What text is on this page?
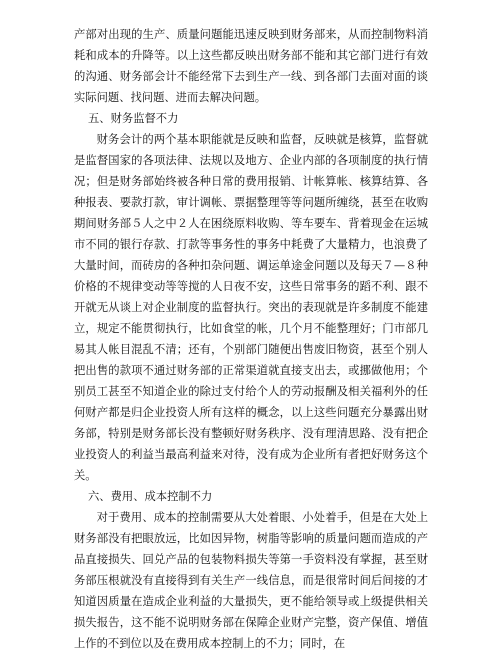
产部对出现的生产、质量问题能迅速反映到财务部来，从而控制物料消耗和成本的升降等。以上这些都反映出财务部不能和其它部门进行有效的沟通、财务部会计不能经常下去到生产一线、到各部门去面对面的谈实际问题、找问题、进而去解决问题。

五、财务监督不力

财务会计的两个基本职能就是反映和监督，反映就是核算，监督就是监督国家的各项法律、法规以及地方、企业内部的各项制度的执行情况；但是财务部始终被各种日常的费用报销、计帐算帐、核算结算、各种报表、要款打款，审计调帐、票据整理等等问题所缠绕，甚至在收购期间财务部５人之中２人在困绕原料收购、等车要车、背着现金在运城市不同的银行存款、打款等事务性的事务中耗费了大量精力，也浪费了大量时间，而砖房的各种扣杂问题、调运单途金问题以及每天７—８种价格的不规律变动等等搅的人日夜不安，这些日常事务的蹈不利、跟不开就无从谈上对企业制度的监督执行。突出的表现就是许多制度不能建立，规定不能贯彻执行，比如食堂的帐，几个月不能整理好；门市部几易其人帐目混乱不清；还有，个别部门随便出售废旧物资，甚至个别人把出售的款项不通过财务部的正常渠道就直接支出去，或挪做他用；个别员工甚至不知道企业的除过支付给个人的劳动报酬及相关福利外的任何财产都是归企业投资人所有这样的概念，以上这些问题充分暴露出财务部，特别是财务部长没有整顿好财务秩序、没有理清思路、没有把企业投资人的利益当最高利益来对待，没有成为企业所有者把好财务这个关。

六、费用、成本控制不力

对于费用、成本的控制需要从大处着眼、小处着手，但是在大处上财务部没有把眼放远，比如因异物，树脂等影响的质量问题而造成的产品直接损失、回兑产品的包装物料损失等第一手资料没有掌握，甚至财务部压根就没有直接得到有关生产一线信息，而是很常时间后间接的才知道因质量在造成企业利益的大量损失，更不能给领导或上级提供相关损失报告，这不能不说明财务部在保障企业财产完整，资产保值、增值上作的不到位以及在费用成本控制上的不力；同时，在
